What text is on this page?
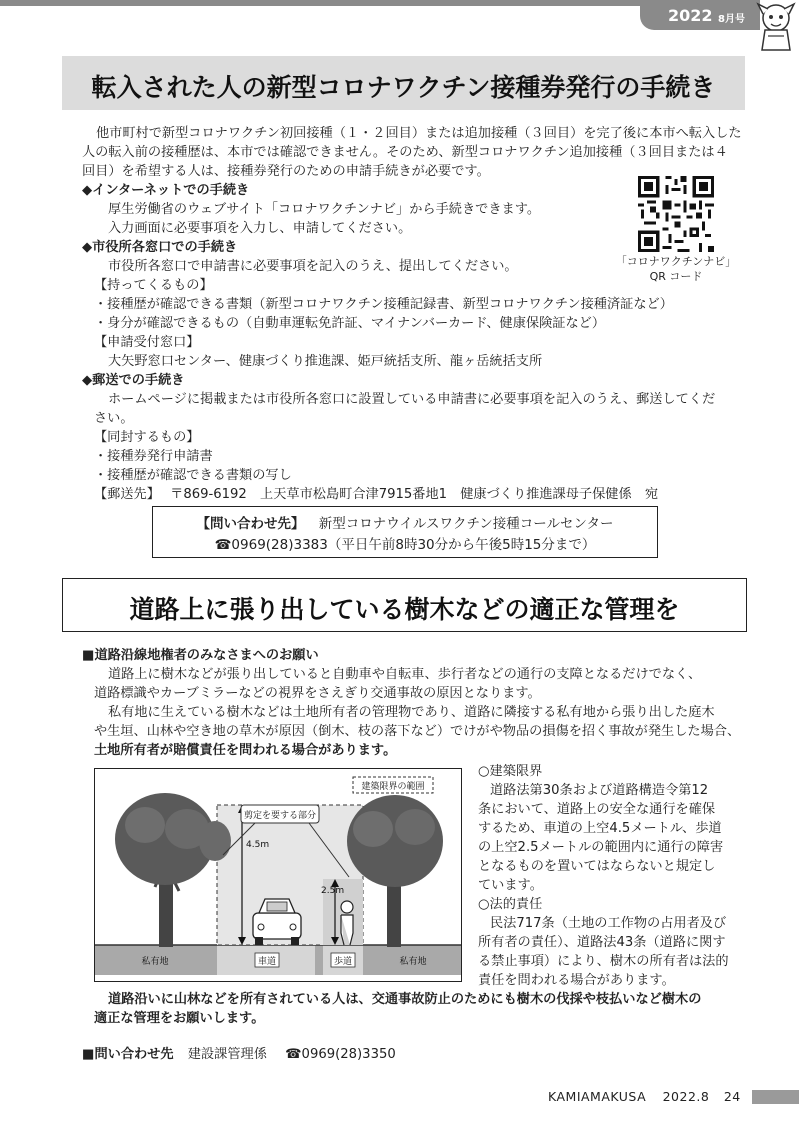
2022 8月号
転入された人の新型コロナワクチン接種券発行の手続き
他市町村で新型コロナワクチン初回接種（１・２回目）または追加接種（３回目）を完了後に本市へ転入した
人の転入前の接種歴は、本市では確認できません。そのため、新型コロナワクチン追加接種（３回目または４
回目）を希望する人は、接種券発行のための申請手続きが必要です。
◆インターネットでの手続き
厚生労働省のウェブサイト「コロナワクチンナビ」から手続きできます。
入力画面に必要事項を入力し、申請してください。
◆市役所各窓口での手続き
市役所各窓口で申請書に必要事項を記入のうえ、提出してください。
【持ってくるもの】
・接種歴が確認できる書類（新型コロナワクチン接種記録書、新型コロナワクチン接種済証など）
・身分が確認できるもの（自動車運転免許証、マイナンバーカード、健康保険証など）
【申請受付窓口】
大矢野窓口センター、健康づくり推進課、姫戸統括支所、龍ヶ岳統括支所
◆郵送での手続き
ホームページに掲載または市役所各窓口に設置している申請書に必要事項を記入のうえ、郵送してくだ
さい。
【同封するもの】
・接種券発行申請書
・接種歴が確認できる書類の写し
【郵送先】 〒869-6192　上天草市松島町合津7915番地1　健康づくり推進課母子保健係　宛
「コロナワクチンナビ」
QR コード
【問い合わせ先】 新型コロナウイルスワクチン接種コールセンター
☎0969(28)3383（平日午前8時30分から午後5時15分まで）
道路上に張り出している樹木などの適正な管理を
■道路沿線地権者のみなさまへのお願い
道路上に樹木などが張り出していると自動車や自転車、歩行者などの通行の支障となるだけでなく、
道路標識やカーブミラーなどの視界をさえぎり交通事故の原因となります。
私有地に生えている樹木などは土地所有者の管理物であり、道路に隣接する私有地から張り出した庭木
や生垣、山林や空き地の草木が原因（倒木、枝の落下など）でけがや物品の損傷を招く事故が発生した場合、
土地所有者が賠償責任を問われる場合があります。
4.5m
2.5m
建築限界の範囲
剪定を要する部分
私有地	車道	歩道	私有地
○建築限界
道路法第30条および道路構造令第12
条において、道路上の安全な通行を確保
するため、車道の上空4.5メートル、歩道
の上空2.5メートルの範囲内に通行の障害
となるものを置いてはならないと規定し
ています。
○法的責任
民法717条（土地の工作物の占用者及び
所有者の責任）、道路法43条（道路に関す
る禁止事項）により、樹木の所有者は法的
責任を問われる場合があります。
道路沿いに山林などを所有されている人は、交通事故防止のためにも樹木の伐採や枝払いなど樹木の
適正な管理をお願いします。
■問い合わせ先 建設課管理係 ☎0969(28)3350
KAMIAMAKUSA 2022.8 24
